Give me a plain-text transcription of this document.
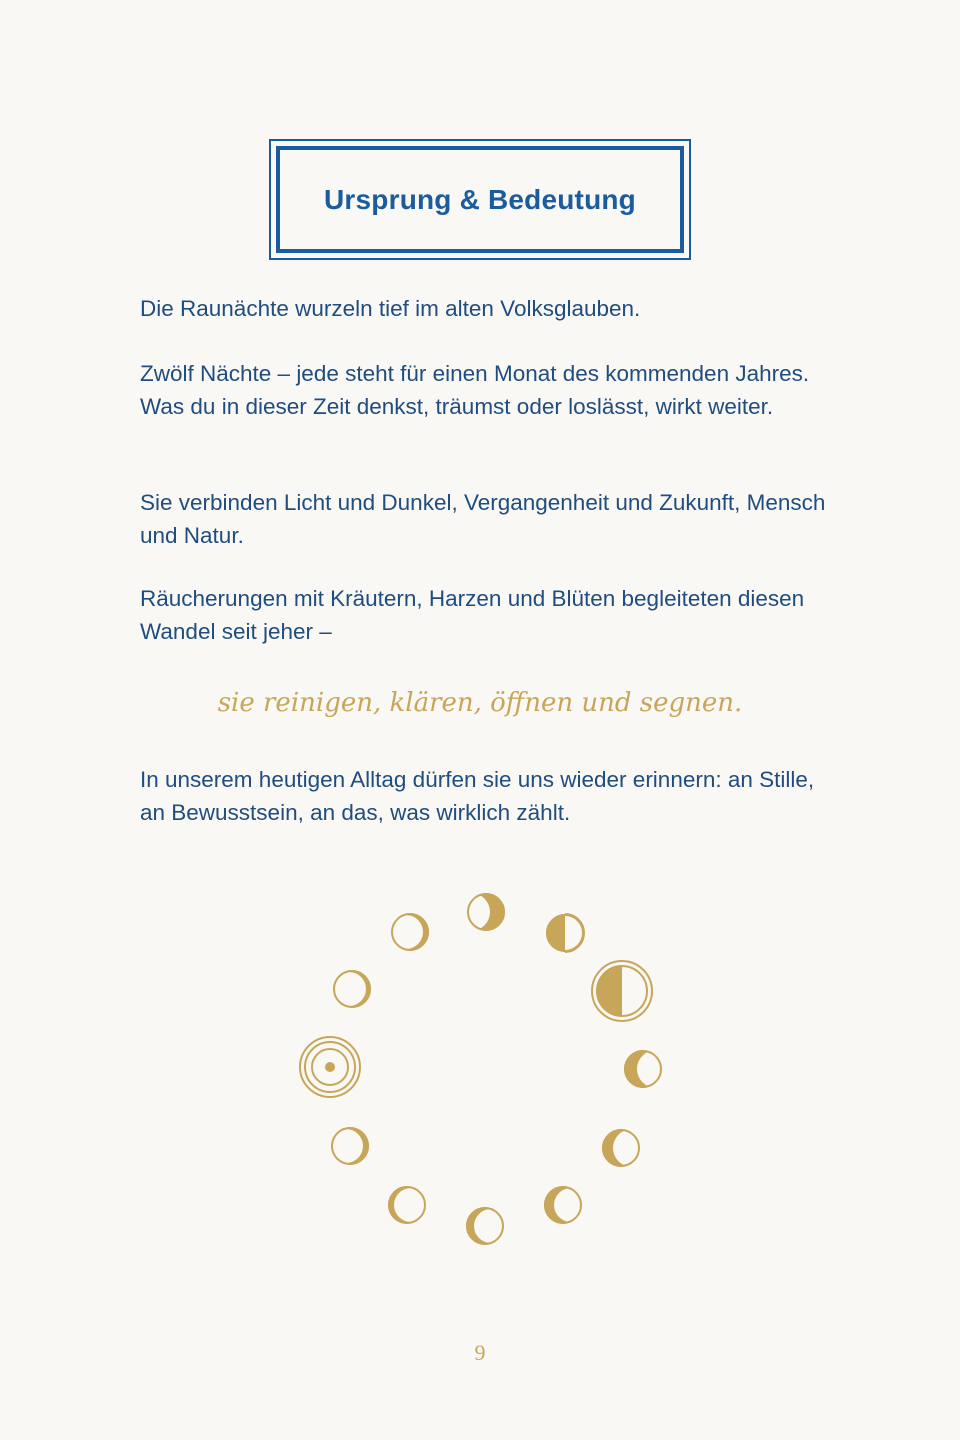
Ursprung & Bedeutung

Die Raunächte wurzeln tief im alten Volksglauben.

Zwölf Nächte – jede steht für einen Monat des kommenden Jahres. Was du in dieser Zeit denkst, träumst oder loslässt, wirkt weiter.

Sie verbinden Licht und Dunkel, Vergangenheit und Zukunft, Mensch und Natur.

Räucherungen mit Kräutern, Harzen und Blüten begleiteten diesen Wandel seit jeher –

sie reinigen, klären, öffnen und segnen.

In unserem heutigen Alltag dürfen sie uns wieder erinnern: an Stille, an Bewusstsein, an das, was wirklich zählt.

9
